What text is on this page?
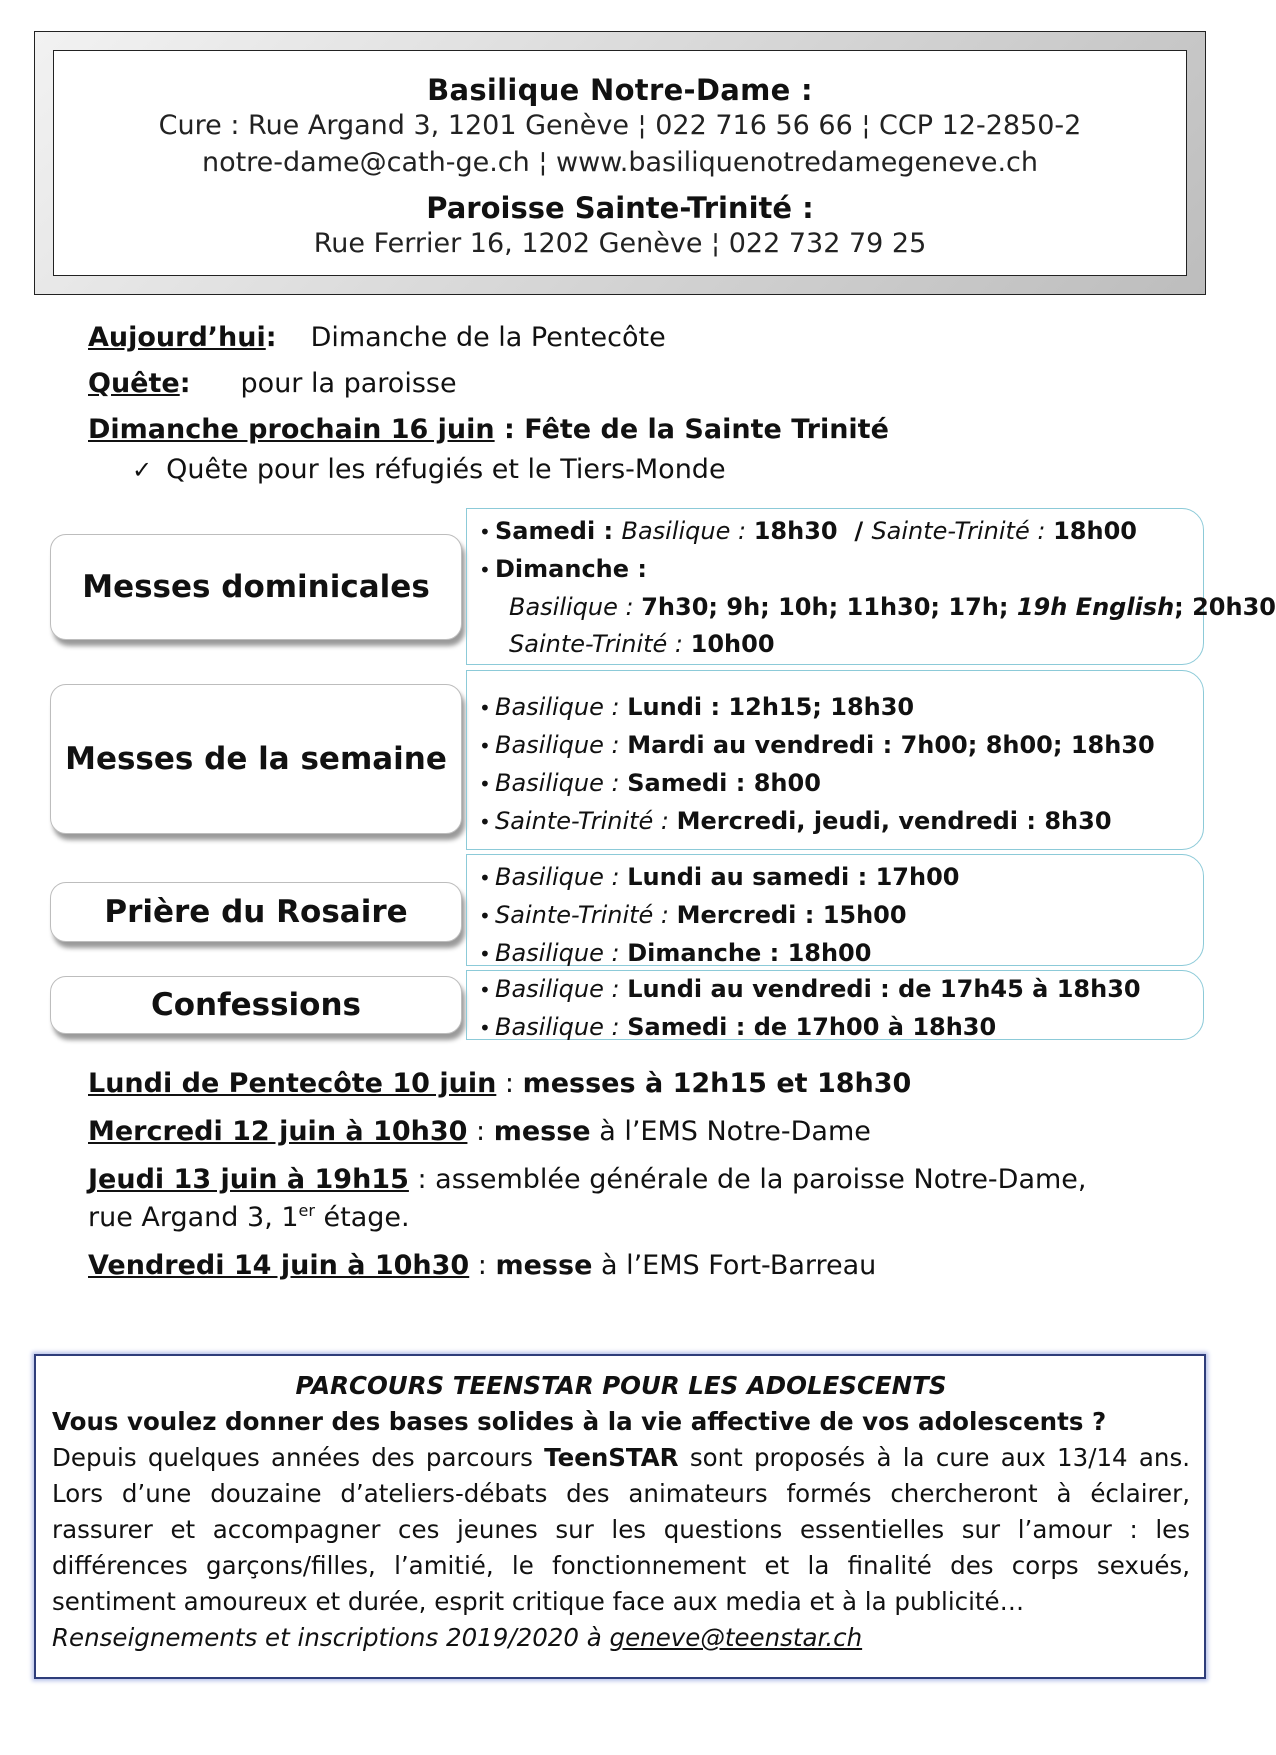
Basilique Notre-Dame :
Cure : Rue Argand 3, 1201 Genève ¦ 022 716 56 66 ¦ CCP 12-2850-2
notre-dame@cath-ge.ch ¦ www.basiliquenotredamegeneve.ch
Paroisse Sainte-Trinité :
Rue Ferrier 16, 1202 Genève ¦ 022 732 79 25
Aujourd’hui: Dimanche de la Pentecôte
Quête: pour la paroisse
Dimanche prochain 16 juin : Fête de la Sainte Trinité
✓ Quête pour les réfugiés et le Tiers-Monde
Messes dominicales
• Samedi : Basilique : 18h30  / Sainte-Trinité : 18h00
• Dimanche :
Basilique : 7h30; 9h; 10h; 11h30; 17h; 19h English; 20h30
Sainte-Trinité : 10h00
Messes de la semaine
• Basilique : Lundi : 12h15; 18h30
• Basilique : Mardi au vendredi : 7h00; 8h00; 18h30
• Basilique : Samedi : 8h00
• Sainte-Trinité : Mercredi, jeudi, vendredi : 8h30
Prière du Rosaire
• Basilique : Lundi au samedi : 17h00
• Sainte-Trinité : Mercredi : 15h00
• Basilique : Dimanche : 18h00
Confessions	• Basilique : Lundi au vendredi : de 17h45 à 18h30
• Basilique : Samedi : de 17h00 à 18h30
Lundi de Pentecôte 10 juin : messes à 12h15 et 18h30
Mercredi 12 juin à 10h30 : messe à l’EMS Notre-Dame
Jeudi 13 juin à 19h15 : assemblée générale de la paroisse Notre-Dame,
rue Argand 3, 1er étage.
Vendredi 14 juin à 10h30 : messe à l’EMS Fort-Barreau
PARCOURS TEENSTAR POUR LES ADOLESCENTS
Vous voulez donner des bases solides à la vie affective de vos adolescents ?
Depuis quelques années des parcours TeenSTAR sont proposés à la cure aux 13/14 ans. Lors d’une douzaine d’ateliers-débats des animateurs formés chercheront à éclairer, rassurer et accompagner ces jeunes sur les questions essentielles sur l’amour : les différences garçons/filles, l’amitié, le fonctionnement et la finalité des corps sexués, sentiment amoureux et durée, esprit critique face aux media et à la publicité…
Renseignements et inscriptions 2019/2020 à geneve@teenstar.ch
